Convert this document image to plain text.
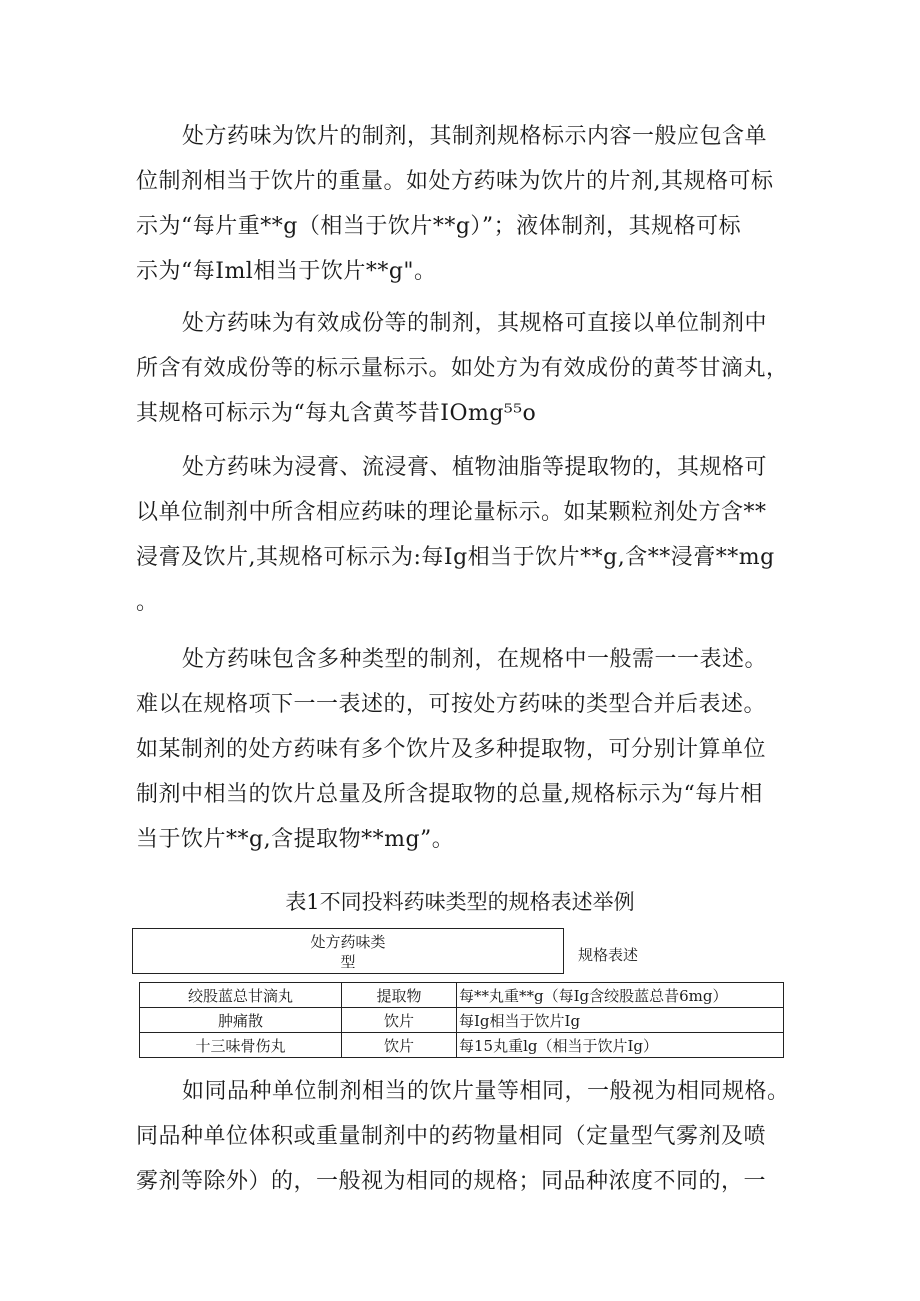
处方药味为饮片的制剂，其制剂规格标示内容一般应包含单
位制剂相当于饮片的重量。如处方药味为饮片的片剂,其规格可标
示为“每片重**g（相当于饮片**g）”；液体制剂，其规格可标
示为“每Iml相当于饮片**g"。

处方药味为有效成份等的制剂，其规格可直接以单位制剂中
所含有效成份等的标示量标示。如处方为有效成份的黄芩甘滴丸，
其规格可标示为“每丸含黄芩昔IOmg⁵⁵o

处方药味为浸膏、流浸膏、植物油脂等提取物的，其规格可
以单位制剂中所含相应药味的理论量标示。如某颗粒剂处方含**
浸膏及饮片,其规格可标示为:每Ig相当于饮片**g,含**浸膏**mg
。

处方药味包含多种类型的制剂，在规格中一般需一一表述。
难以在规格项下一一表述的，可按处方药味的类型合并后表述。
如某制剂的处方药味有多个饮片及多种提取物，可分别计算单位
制剂中相当的饮片总量及所含提取物的总量,规格标示为“每片相
当于饮片**g,含提取物**mg”。

表1不同投料药味类型的规格表述举例
处方药味类
型	规格表述
绞股蓝总甘滴丸	提取物	每**丸重**g（每Ig含绞股蓝总昔6mg）
肿痛散	饮片	每Ig相当于饮片Ig
十三味骨伤丸	饮片	每15丸重lg（相当于饮片Ig）

如同品种单位制剂相当的饮片量等相同，一般视为相同规格。
同品种单位体积或重量制剂中的药物量相同（定量型气雾剂及喷
雾剂等除外）的，一般视为相同的规格；同品种浓度不同的，一
